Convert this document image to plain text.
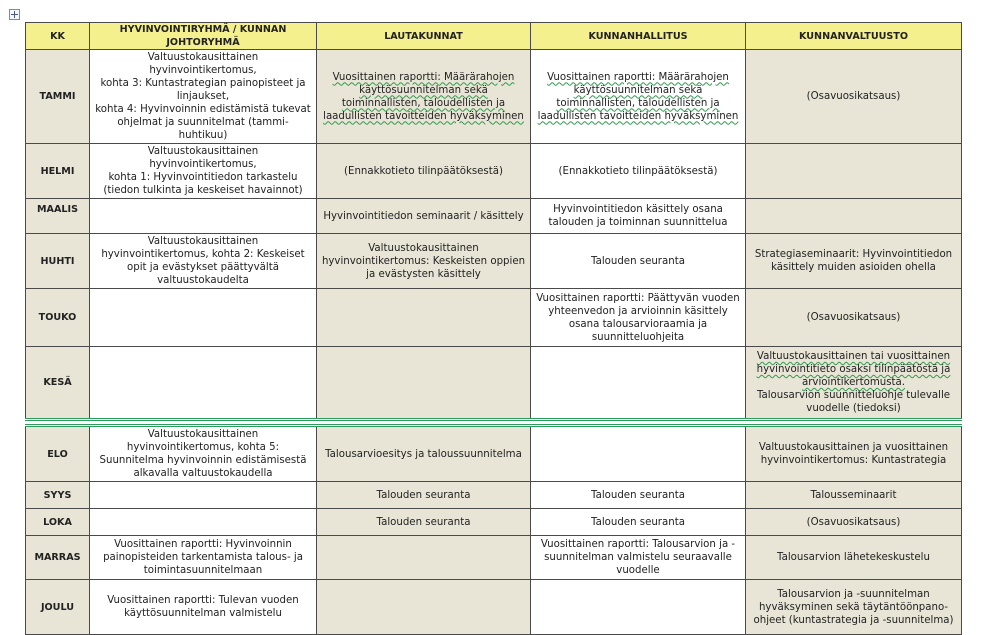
KK	HYVINVOINTIRYHMÄ / KUNNAN JOHTORYHMÄ	LAUTAKUNNAT	KUNNANHALLITUS	KUNNANVALTUUSTO
TAMMI	Valtuustokausittainen hyvinvointikertomus,
kohta 3: Kuntastrategian painopisteet ja linjaukset,
kohta 4: Hyvinvoinnin edistämistä tukevat ohjelmat ja suunnitelmat (tammi-huhtikuu)	Vuosittainen raportti: Määrärahojen käyttösuunnitelman sekä toiminnallisten, taloudellisten ja laadullisten tavoitteiden hyväksyminen	Vuosittainen raportti: Määrärahojen käyttösuunnitelman sekä toiminnallisten, taloudellisten ja laadullisten tavoitteiden hyväksyminen	(Osavuosikatsaus)
HELMI	Valtuustokausittainen hyvinvointikertomus,
kohta 1: Hyvinvointitiedon tarkastelu
(tiedon tulkinta ja keskeiset havainnot)	(Ennakkotieto tilinpäätöksestä)	(Ennakkotieto tilinpäätöksestä)	
MAALIS		Hyvinvointitiedon seminaarit / käsittely	Hyvinvointitiedon käsittely osana talouden ja toiminnan suunnittelua	
HUHTI	Valtuustokausittainen hyvinvointikertomus, kohta 2: Keskeiset opit ja evästykset päättyvältä valtuustokaudelta	Valtuustokausittainen hyvinvointikertomus: Keskeisten oppien ja evästysten käsittely	Talouden seuranta	Strategiaseminaarit: Hyvinvointitiedon käsittely muiden asioiden ohella
TOUKO			Vuosittainen raportti: Päättyvän vuoden yhteenvedon ja arvioinnin käsittely osana talousarvioraamia ja suunnitteluohjeita	(Osavuosikatsaus)
KESÄ				Valtuustokausittainen tai vuosittainen hyvinvointitieto osaksi tilinpäätöstä ja arviointikertomusta.
Talousarvion suunnitteluohje tulevalle vuodelle (tiedoksi)

ELO	Valtuustokausittainen hyvinvointikertomus, kohta 5: Suunnitelma hyvinvoinnin edistämisestä alkavalla valtuustokaudella	Talousarvioesitys ja taloussuunnitelma		Valtuustokausittainen ja vuosittainen hyvinvointikertomus: Kuntastrategia
SYYS		Talouden seuranta	Talouden seuranta	Talousseminaarit
LOKA		Talouden seuranta	Talouden seuranta	(Osavuosikatsaus)
MARRAS	Vuosittainen raportti: Hyvinvoinnin painopisteiden tarkentamista talous- ja toimintasuunnitelmaan		Vuosittainen raportti: Talousarvion ja -suunnitelman valmistelu seuraavalle vuodelle	Talousarvion lähetekeskustelu
JOULU	Vuosittainen raportti: Tulevan vuoden käyttösuunnitelman valmistelu			Talousarvion ja -suunnitelman hyväksyminen sekä täytäntöönpano-ohjeet (kuntastrategia ja -suunnitelma)
